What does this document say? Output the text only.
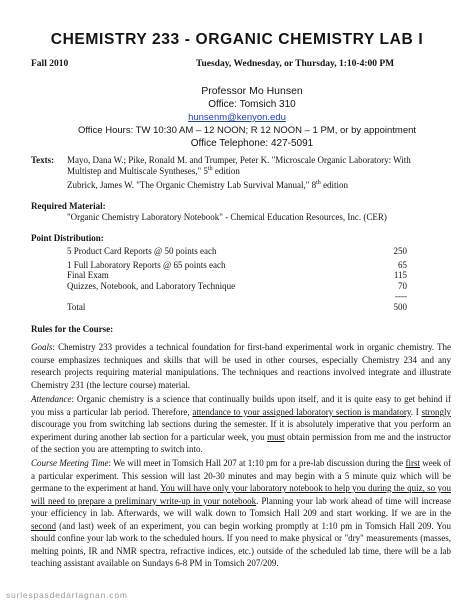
CHEMISTRY 233 - ORGANIC CHEMISTRY LAB I
Fall 2010	Tuesday, Wednesday, or Thursday, 1:10-4:00 PM
Professor Mo Hunsen
Office: Tomsich 310
hunsenm@kenyon.edu
Office Hours: TW 10:30 AM – 12 NOON; R 12 NOON – 1 PM, or by appointment
Office Telephone: 427-5091
Texts: Mayo, Dana W.; Pike, Ronald M. and Trumper, Peter K. "Microscale Organic Laboratory: With
Multistep and Multiscale Syntheses," 5th edition
Zubrick, James W. "The Organic Chemistry Lab Survival Manual," 8th edition
Required Material:
"Organic Chemistry Laboratory Notebook" - Chemical Education Resources, Inc. (CER)
Point Distribution:
5 Product Card Reports @ 50 points each	250
1 Full Laboratory Reports @ 65 points each	65
Final Exam	115
Quizzes, Notebook, and Laboratory Technique	70
----
Total	500
Rules for the Course:
Goals: Chemistry 233 provides a technical foundation for first-hand experimental work in organic chemistry. The course emphasizes techniques and skills that will be used in other courses, especially Chemistry 234 and any research projects requiring material manipulations. The techniques and reactions involved integrate and illustrate Chemistry 231 (the lecture course) material.
Attendance: Organic chemistry is a science that continually builds upon itself, and it is quite easy to get behind if you miss a particular lab period. Therefore, attendance to your assigned laboratory section is mandatory. I strongly discourage you from switching lab sections during the semester. If it is absolutely imperative that you perform an experiment during another lab section for a particular week, you must obtain permission from me and the instructor of the section you are attempting to switch into.
Course Meeting Time: We will meet in Tomsich Hall 207 at 1:10 pm for a pre-lab discussion during the first week of a particular experiment. This session will last 20-30 minutes and may begin with a 5 minute quiz which will be germane to the experiment at hand. You will have only your laboratory notebook to help you during the quiz, so you will need to prepare a preliminary write-up in your notebook. Planning your lab work ahead of time will increase your efficiency in lab. Afterwards, we will walk down to Tomsich Hall 209 and start working. If we are in the second (and last) week of an experiment, you can begin working promptly at 1:10 pm in Tomsich Hall 209. You should confine your lab work to the scheduled hours. If you need to make physical or "dry" measurements (masses, melting points, IR and NMR spectra, refractive indices, etc.) outside of the scheduled lab time, there will be a lab teaching assistant available on Sundays 6-8 PM in Tomsich 207/209.
surlespasdedartagnan.com
